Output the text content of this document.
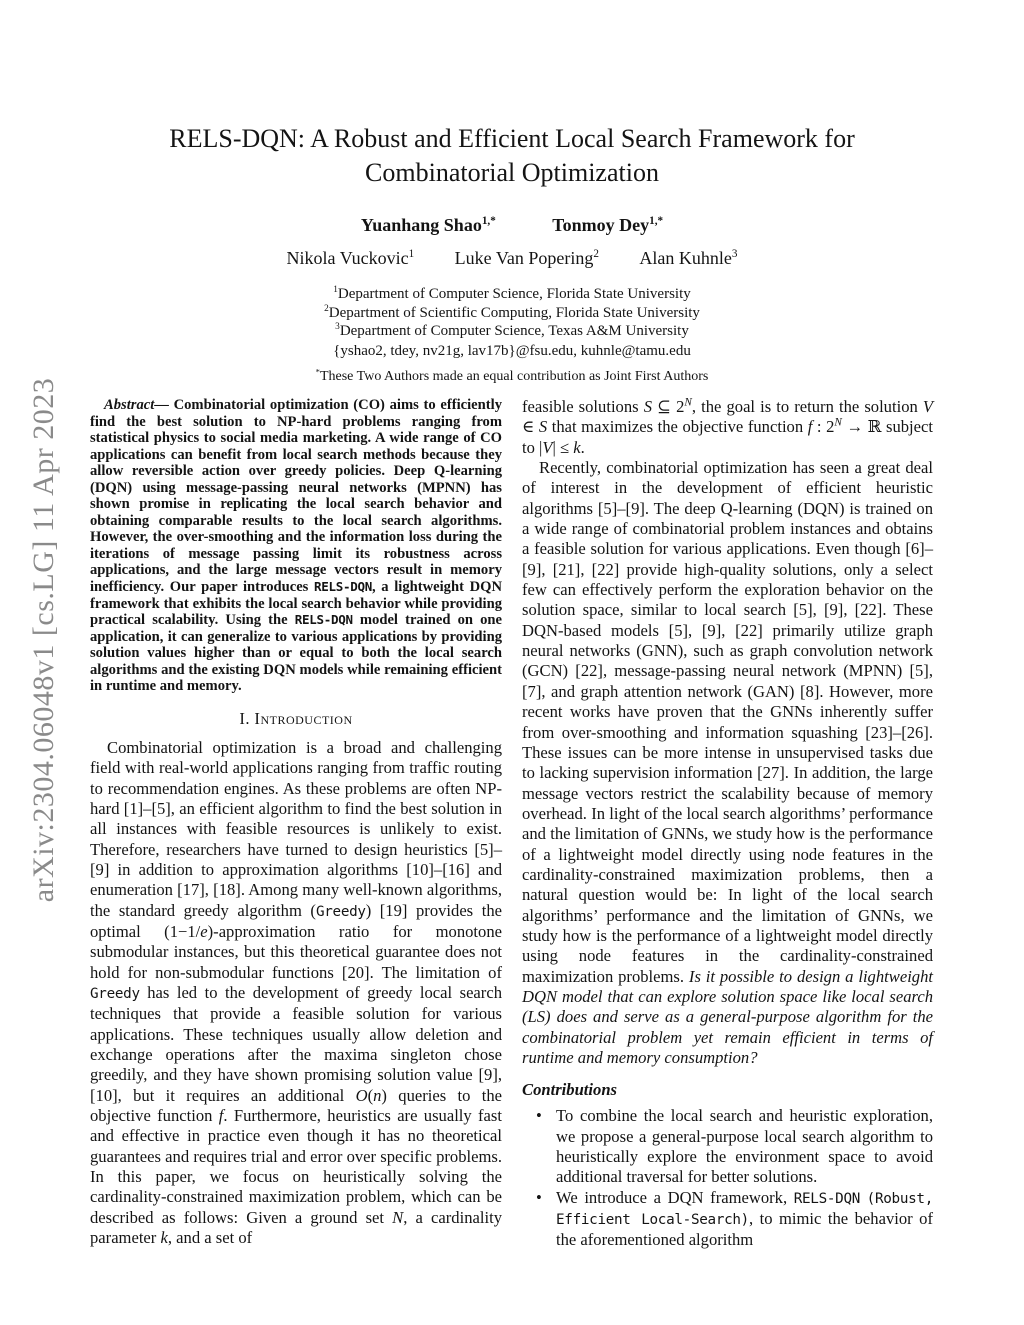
arXiv:2304.06048v1 [cs.LG] 11 Apr 2023
RELS-DQN: A Robust and Efficient Local Search Framework for
Combinatorial Optimization
Yuanhang Shao$^{1,*}$	Tonmoy Dey$^{1,*}$
Nikola Vuckovic$^1$ Luke Van Popering$^2$ Alan Kuhnle$^3$
$^1$Department of Computer Science, Florida State University
$^2$Department of Scientific Computing, Florida State University
$^3$Department of Computer Science, Texas A&M University
{yshao2, tdey, nv21g, lav17b}@fsu.edu, kuhnle@tamu.edu
*These Two Authors made an equal contribution as Joint First Authors

Abstract— Combinatorial optimization (CO) aims to efficiently find the best solution to NP-hard problems ranging from statistical physics to social media marketing. A wide range of CO applications can benefit from local search methods because they allow reversible action over greedy policies. Deep Q-learning (DQN) using message-passing neural networks (MPNN) has shown promise in replicating the local search behavior and obtaining comparable results to the local search algorithms. However, the over-smoothing and the information loss during the iterations of message passing limit its robustness across applications, and the large message vectors result in memory inefficiency. Our paper introduces RELS-DQN, a lightweight DQN framework that exhibits the local search behavior while providing practical scalability. Using the RELS-DQN model trained on one application, it can generalize to various applications by providing solution values higher than or equal to both the local search algorithms and the existing DQN models while remaining efficient in runtime and memory.

I. Introduction

Combinatorial optimization is a broad and challenging field with real-world applications ranging from traffic routing to recommendation engines. As these problems are often NP-hard [1]–[5], an efficient algorithm to find the best solution in all instances with feasible resources is unlikely to exist. Therefore, researchers have turned to design heuristics [5]–[9] in addition to approximation algorithms [10]–[16] and enumeration [17], [18]. Among many well-known algorithms, the standard greedy algorithm (Greedy) [19] provides the optimal (1−1/e)-approximation ratio for monotone submodular instances, but this theoretical guarantee does not hold for non-submodular functions [20]. The limitation of Greedy has led to the development of greedy local search techniques that provide a feasible solution for various applications. These techniques usually allow deletion and exchange operations after the maxima singleton chose greedily, and they have shown promising solution value [9], [10], but it requires an additional O(n) queries to the objective function f. Furthermore, heuristics are usually fast and effective in practice even though it has no theoretical guarantees and requires trial and error over specific problems. In this paper, we focus on heuristically solving the cardinality-constrained maximization problem, which can be described as follows: Given a ground set N, a cardinality parameter k, and a set of

feasible solutions S ⊆ $2^N$, the goal is to return the solution V ∈ S that maximizes the objective function f : $2^N$ → ℝ subject to |V| ≤ k.

Recently, combinatorial optimization has seen a great deal of interest in the development of efficient heuristic algorithms [5]–[9]. The deep Q-learning (DQN) is trained on a wide range of combinatorial problem instances and obtains a feasible solution for various applications. Even though [6]–[9], [21], [22] provide high-quality solutions, only a select few can effectively perform the exploration behavior on the solution space, similar to local search [5], [9], [22]. These DQN-based models [5], [9], [22] primarily utilize graph neural networks (GNN), such as graph convolution network (GCN) [22], message-passing neural network (MPNN) [5], [7], and graph attention network (GAN) [8]. However, more recent works have proven that the GNNs inherently suffer from over-smoothing and information squashing [23]–[26]. These issues can be more intense in unsupervised tasks due to lacking supervision information [27]. In addition, the large message vectors restrict the scalability because of memory overhead. In light of the local search algorithms’ performance and the limitation of GNNs, we study how is the performance of a lightweight model directly using node features in the cardinality-constrained maximization problems, then a natural question would be: In light of the local search algorithms’ performance and the limitation of GNNs, we study how is the performance of a lightweight model directly using node features in the cardinality-constrained maximization problems. Is it possible to design a lightweight DQN model that can explore solution space like local search (LS) does and serve as a general-purpose algorithm for the combinatorial problem yet remain efficient in terms of runtime and memory consumption?

Contributions
• To combine the local search and heuristic exploration, we propose a general-purpose local search algorithm to heuristically explore the environment space to avoid additional traversal for better solutions.
• We introduce a DQN framework, RELS-DQN (Robust, Efficient Local-Search), to mimic the behavior of the aforementioned algorithm
